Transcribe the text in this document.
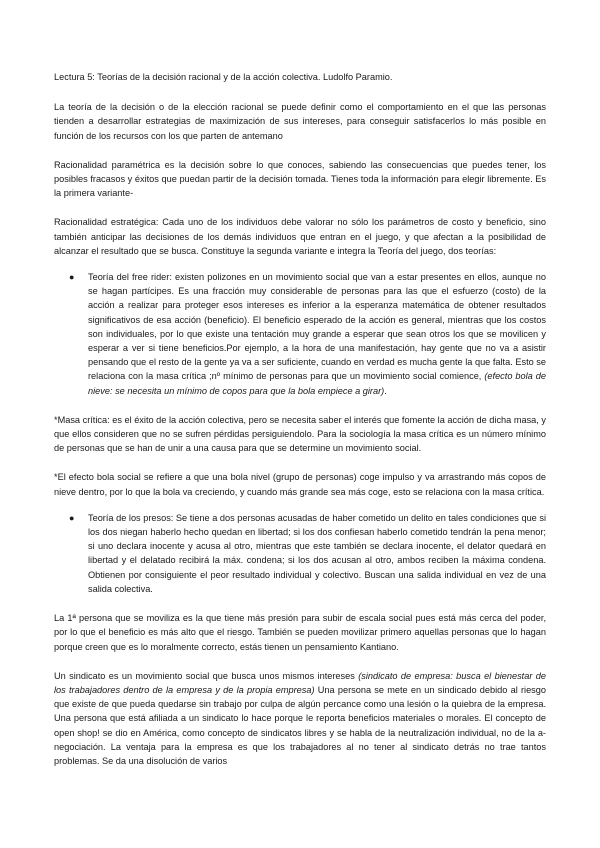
Lectura 5: Teorías de la decisión racional y de la acción colectiva. Ludolfo Paramio.

La teoría de la decisión o de la elección racional se puede definir como el comportamiento en el que las personas tienden a desarrollar estrategias de maximización de sus intereses, para conseguir satisfacerlos lo más posible en función de los recursos con los que parten de antemano

Racionalidad paramétrica es la decisión sobre lo que conoces, sabiendo las consecuencias que puedes tener, los posibles fracasos y éxitos que puedan partir de la decisión tomada. Tienes toda la información para elegir libremente. Es la primera variante-

Racionalidad estratégica: Cada uno de los individuos debe valorar no sólo los parámetros de costo y beneficio, sino también anticipar las decisiones de los demás individuos que entran en el juego, y que afectan a la posibilidad de alcanzar el resultado que se busca. Constituye la segunda variante e integra la Teoría del juego, dos teorías:

● Teoría del free rider: existen polizones en un movimiento social que van a estar presentes en ellos, aunque no se hagan partícipes. Es una fracción muy considerable de personas para las que el esfuerzo (costo) de la acción a realizar para proteger esos intereses es inferior a la esperanza matemática de obtener resultados significativos de esa acción (beneficio). El beneficio esperado de la acción es general, mientras que los costos son individuales, por lo que existe una tentación muy grande a esperar que sean otros los que se movilicen y esperar a ver si tiene beneficios.Por ejemplo, a la hora de una manifestación, hay gente que no va a asistir pensando que el resto de la gente ya va a ser suficiente, cuando en verdad es mucha gente la que falta. Esto se relaciona con la masa crítica ;nº mínimo de personas para que un movimiento social comience, (efecto bola de nieve: se necesita un mínimo de copos para que la bola empiece a girar).

*Masa crítica: es el éxito de la acción colectiva, pero se necesita saber el interés que fomente la acción de dicha masa, y que ellos consideren que no se sufren pérdidas persiguiendolo. Para la sociología la masa crítica es un número mínimo de personas que se han de unir a una causa para que se determine un movimiento social.

*El efecto bola social se refiere a que una bola nivel (grupo de personas) coge impulso y va arrastrando más copos de nieve dentro, por lo que la bola va creciendo, y cuando más grande sea más coge, esto se relaciona con la masa crítica.

● Teoría de los presos: Se tiene a dos personas acusadas de haber cometido un delito en tales condiciones que si los dos niegan haberlo hecho quedan en libertad; si los dos confiesan haberlo cometido tendrán la pena menor; si uno declara inocente y acusa al otro, mientras que este también se declara inocente, el delator quedará en libertad y el delatado recibirá la máx. condena; si los dos acusan al otro, ambos reciben la máxima condena. Obtienen por consiguiente el peor resultado individual y colectivo. Buscan una salida individual en vez de una salida colectiva.

La 1ª persona que se moviliza es la que tiene más presión para subir de escala social pues está más cerca del poder, por lo que el beneficio es más alto que el riesgo. También se pueden movilizar primero aquellas personas que lo hagan porque creen que es lo moralmente correcto, estás tienen un pensamiento Kantiano.

Un sindicato es un movimiento social que busca unos mismos intereses (sindicato de empresa: busca el bienestar de los trabajadores dentro de la empresa y de la propia empresa) Una persona se mete en un sindicado debido al riesgo que existe de que pueda quedarse sin trabajo por culpa de algún percance como una lesión o la quiebra de la empresa. Una persona que está afiliada a un sindicato lo hace porque le reporta beneficios materiales o morales. El concepto de open shop! se dio en América, como concepto de sindicatos libres y se habla de la neutralización individual, no de la a-negociación. La ventaja para la empresa es que los trabajadores al no tener al sindicato detrás no trae tantos problemas. Se da una disolución de varios
